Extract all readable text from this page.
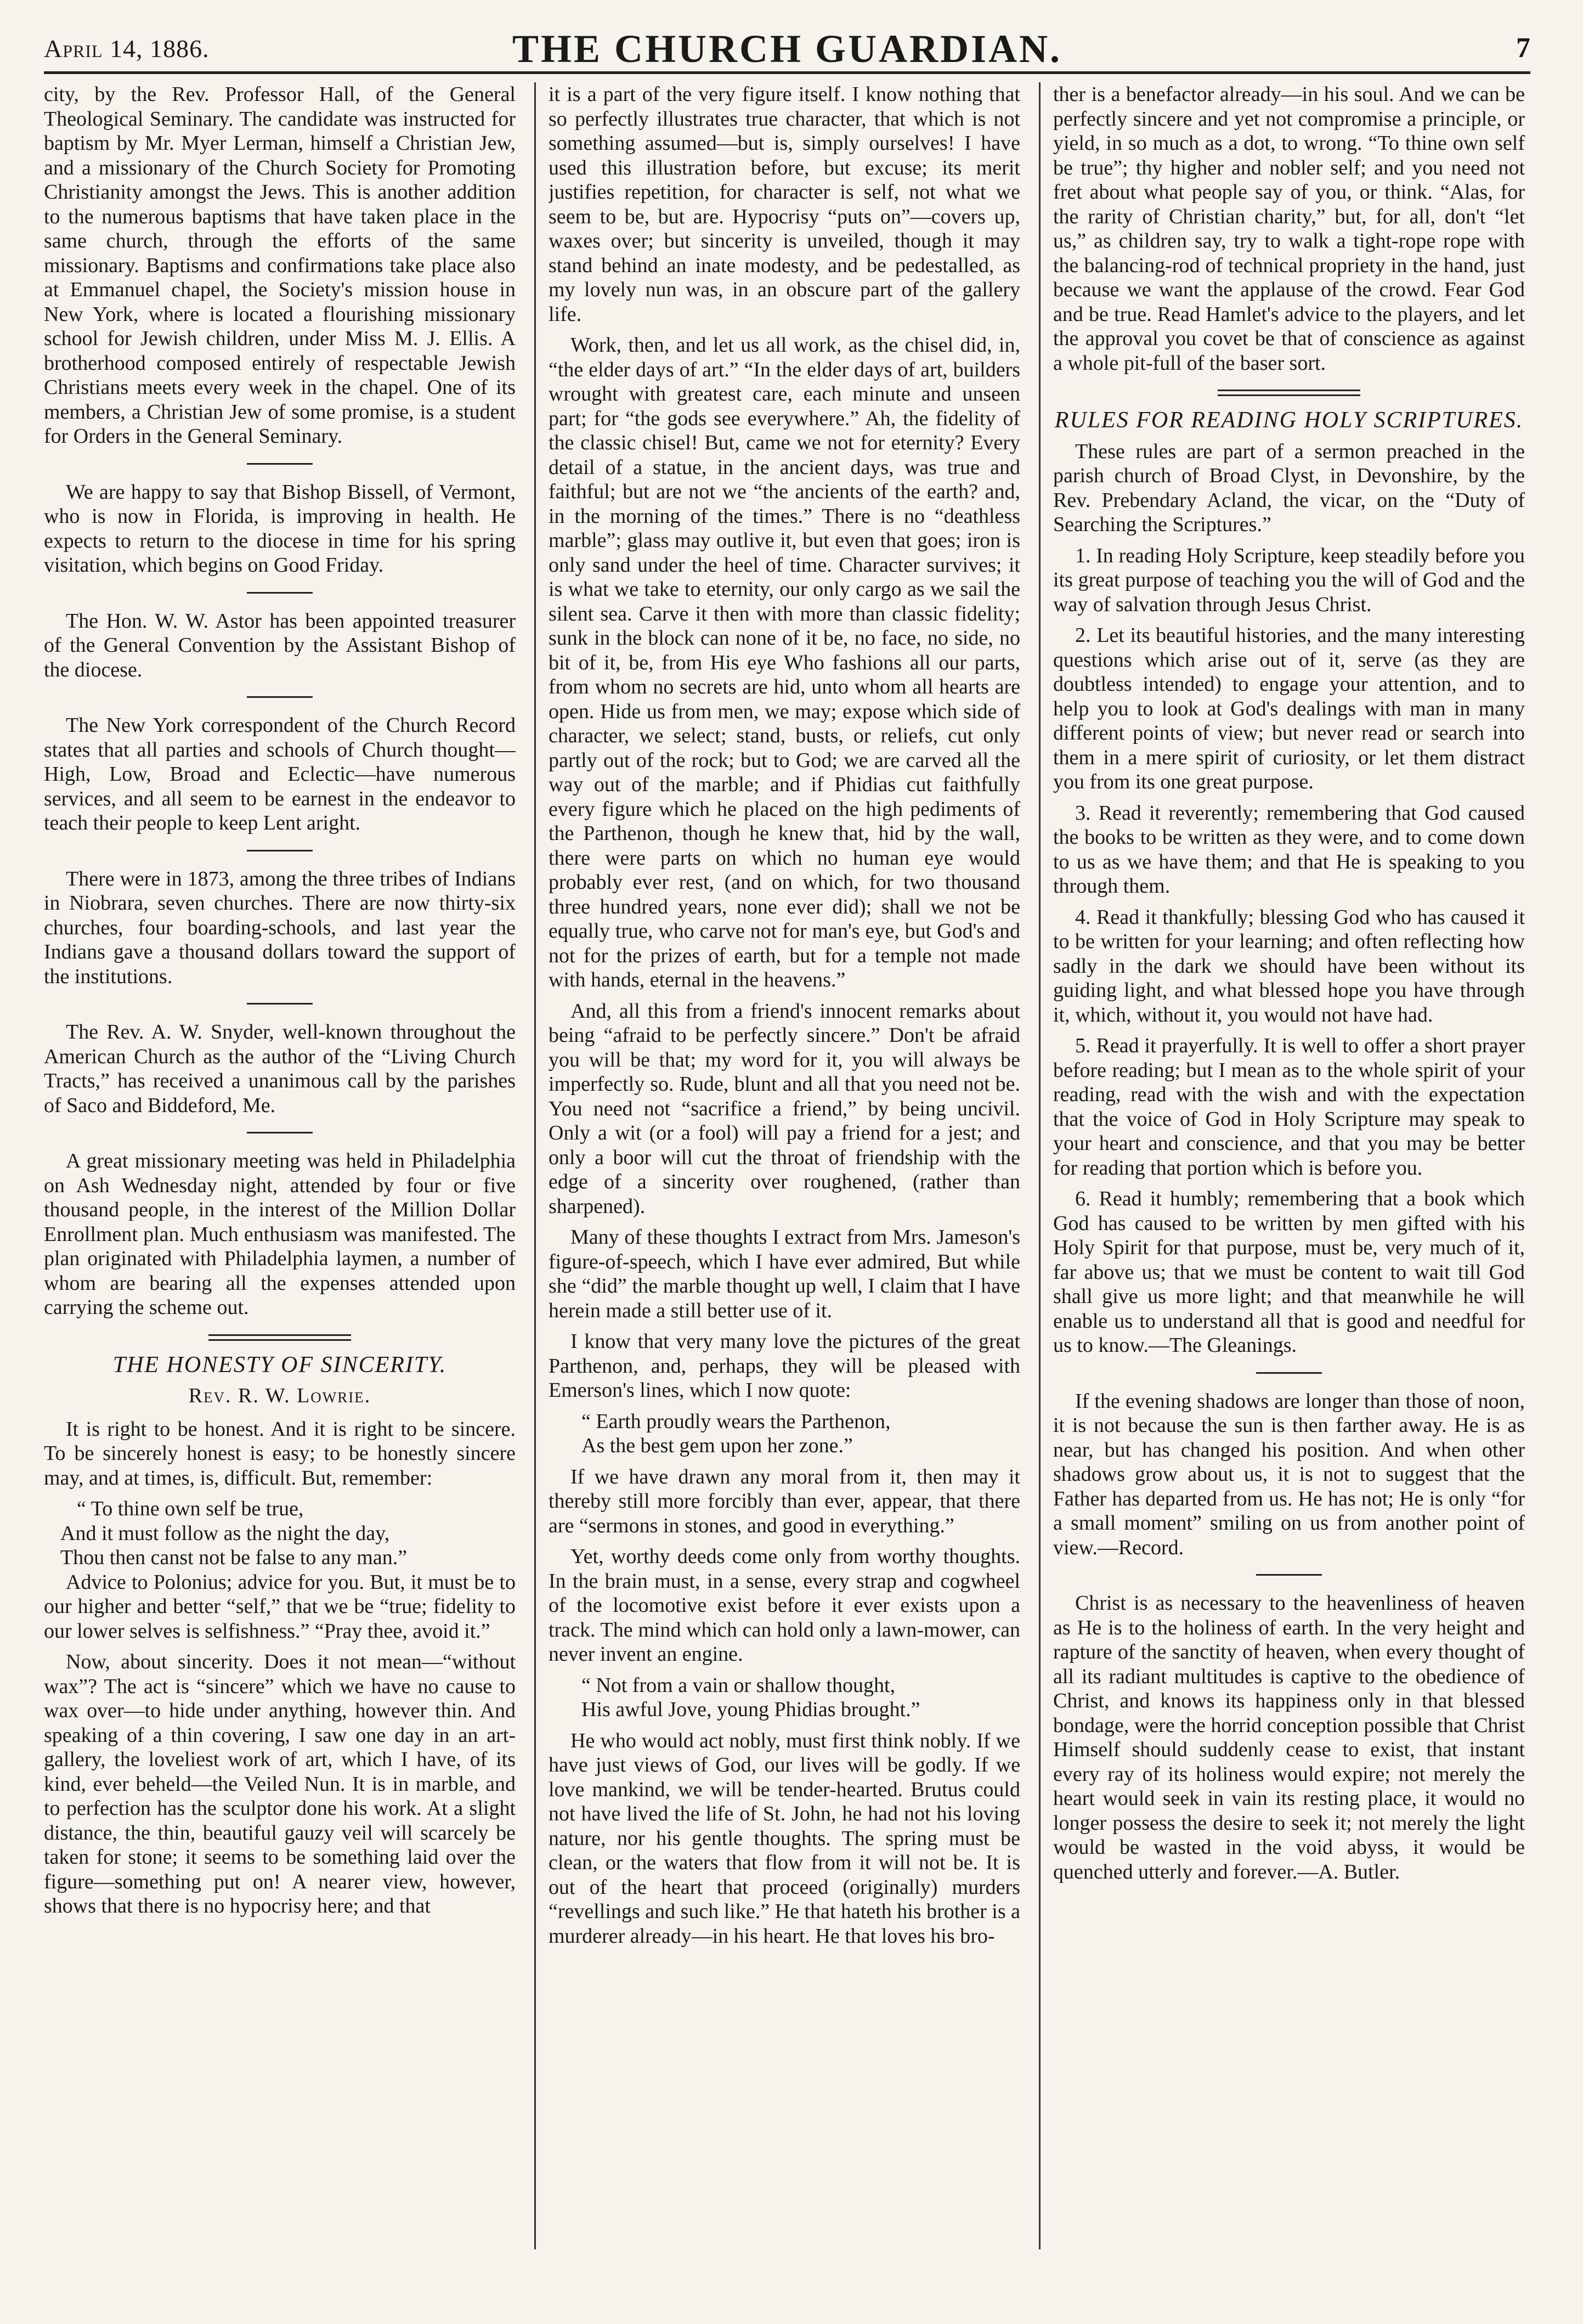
April 14, 1886.	THE CHURCH GUARDIAN.	7

city, by the Rev. Professor Hall, of the General Theological Seminary. The candidate was instructed for baptism by Mr. Myer Lerman, himself a Christian Jew, and a missionary of the Church Society for Promoting Christianity amongst the Jews. This is another addition to the numerous baptisms that have taken place in the same church, through the efforts of the same missionary. Baptisms and confirmations take place also at Emmanuel chapel, the Society's mission house in New York, where is located a flourishing missionary school for Jewish children, under Miss M. J. Ellis. A brotherhood composed entirely of respectable Jewish Christians meets every week in the chapel. One of its members, a Christian Jew of some promise, is a student for Orders in the General Seminary.

We are happy to say that Bishop Bissell, of Vermont, who is now in Florida, is improving in health. He expects to return to the diocese in time for his spring visitation, which begins on Good Friday.

The Hon. W. W. Astor has been appointed treasurer of the General Convention by the Assistant Bishop of the diocese.

The New York correspondent of the Church Record states that all parties and schools of Church thought—High, Low, Broad and Eclectic—have numerous services, and all seem to be earnest in the endeavor to teach their people to keep Lent aright.

There were in 1873, among the three tribes of Indians in Niobrara, seven churches. There are now thirty-six churches, four boarding-schools, and last year the Indians gave a thousand dollars toward the support of the institutions.

The Rev. A. W. Snyder, well-known throughout the American Church as the author of the “Living Church Tracts,” has received a unanimous call by the parishes of Saco and Biddeford, Me.

A great missionary meeting was held in Philadelphia on Ash Wednesday night, attended by four or five thousand people, in the interest of the Million Dollar Enrollment plan. Much enthusiasm was manifested. The plan originated with Philadelphia laymen, a number of whom are bearing all the expenses attended upon carrying the scheme out.

THE HONESTY OF SINCERITY.
Rev. R. W. Lowrie.

It is right to be honest. And it is right to be sincere. To be sincerely honest is easy; to be honestly sincere may, and at times, is, difficult. But, remember:

“ To thine own self be true,

And it must follow as the night the day,

Thou then canst not be false to any man.”

Advice to Polonius; advice for you. But, it must be to our higher and better “self,” that we be “true; fidelity to our lower selves is selfishness.” “Pray thee, avoid it.”

Now, about sincerity. Does it not mean—“without wax”? The act is “sincere” which we have no cause to wax over—to hide under anything, however thin. And speaking of a thin covering, I saw one day in an art-gallery, the loveliest work of art, which I have, of its kind, ever beheld—the Veiled Nun. It is in marble, and to perfection has the sculptor done his work. At a slight distance, the thin, beautiful gauzy veil will scarcely be taken for stone; it seems to be something laid over the figure—something put on! A nearer view, however, shows that there is no hypocrisy here; and that

it is a part of the very figure itself. I know nothing that so perfectly illustrates true character, that which is not something assumed—but is, simply ourselves! I have used this illustration before, but excuse; its merit justifies repetition, for character is self, not what we seem to be, but are. Hypocrisy “puts on”—covers up, waxes over; but sincerity is unveiled, though it may stand behind an inate modesty, and be pedestalled, as my lovely nun was, in an obscure part of the gallery life.

Work, then, and let us all work, as the chisel did, in, “the elder days of art.” “In the elder days of art, builders wrought with greatest care, each minute and unseen part; for “the gods see everywhere.” Ah, the fidelity of the classic chisel! But, came we not for eternity? Every detail of a statue, in the ancient days, was true and faithful; but are not we “the ancients of the earth? and, in the morning of the times.” There is no “deathless marble”; glass may outlive it, but even that goes; iron is only sand under the heel of time. Character survives; it is what we take to eternity, our only cargo as we sail the silent sea. Carve it then with more than classic fidelity; sunk in the block can none of it be, no face, no side, no bit of it, be, from His eye Who fashions all our parts, from whom no secrets are hid, unto whom all hearts are open. Hide us from men, we may; expose which side of character, we select; stand, busts, or reliefs, cut only partly out of the rock; but to God; we are carved all the way out of the marble; and if Phidias cut faithfully every figure which he placed on the high pediments of the Parthenon, though he knew that, hid by the wall, there were parts on which no human eye would probably ever rest, (and on which, for two thousand three hundred years, none ever did); shall we not be equally true, who carve not for man's eye, but God's and not for the prizes of earth, but for a temple not made with hands, eternal in the heavens.”

And, all this from a friend's innocent remarks about being “afraid to be perfectly sincere.” Don't be afraid you will be that; my word for it, you will always be imperfectly so. Rude, blunt and all that you need not be. You need not “sacrifice a friend,” by being uncivil. Only a wit (or a fool) will pay a friend for a jest; and only a boor will cut the throat of friendship with the edge of a sincerity over roughened, (rather than sharpened).

Many of these thoughts I extract from Mrs. Jameson's figure-of-speech, which I have ever admired, But while she “did” the marble thought up well, I claim that I have herein made a still better use of it.

I know that very many love the pictures of the great Parthenon, and, perhaps, they will be pleased with Emerson's lines, which I now quote:

“ Earth proudly wears the Parthenon,

As the best gem upon her zone.”

If we have drawn any moral from it, then may it thereby still more forcibly than ever, appear, that there are “sermons in stones, and good in everything.”

Yet, worthy deeds come only from worthy thoughts. In the brain must, in a sense, every strap and cogwheel of the locomotive exist before it ever exists upon a track. The mind which can hold only a lawn-mower, can never invent an engine.

“ Not from a vain or shallow thought,

His awful Jove, young Phidias brought.”

He who would act nobly, must first think nobly. If we have just views of God, our lives will be godly. If we love mankind, we will be tender-hearted. Brutus could not have lived the life of St. John, he had not his loving nature, nor his gentle thoughts. The spring must be clean, or the waters that flow from it will not be. It is out of the heart that proceed (originally) murders “revellings and such like.” He that hateth his brother is a murderer already—in his heart. He that loves his bro-

ther is a benefactor already—in his soul. And we can be perfectly sincere and yet not compromise a principle, or yield, in so much as a dot, to wrong. “To thine own self be true”; thy higher and nobler self; and you need not fret about what people say of you, or think. “Alas, for the rarity of Christian charity,” but, for all, don't “let us,” as children say, try to walk a tight-rope rope with the balancing-rod of technical propriety in the hand, just because we want the applause of the crowd. Fear God and be true. Read Hamlet's advice to the players, and let the approval you covet be that of conscience as against a whole pit-full of the baser sort.

RULES FOR READING HOLY SCRIPTURES.

These rules are part of a sermon preached in the parish church of Broad Clyst, in Devonshire, by the Rev. Prebendary Acland, the vicar, on the “Duty of Searching the Scriptures.”

1. In reading Holy Scripture, keep steadily before you its great purpose of teaching you the will of God and the way of salvation through Jesus Christ.

2. Let its beautiful histories, and the many interesting questions which arise out of it, serve (as they are doubtless intended) to engage your attention, and to help you to look at God's dealings with man in many different points of view; but never read or search into them in a mere spirit of curiosity, or let them distract you from its one great purpose.

3. Read it reverently; remembering that God caused the books to be written as they were, and to come down to us as we have them; and that He is speaking to you through them.

4. Read it thankfully; blessing God who has caused it to be written for your learning; and often reflecting how sadly in the dark we should have been without its guiding light, and what blessed hope you have through it, which, without it, you would not have had.

5. Read it prayerfully. It is well to offer a short prayer before reading; but I mean as to the whole spirit of your reading, read with the wish and with the expectation that the voice of God in Holy Scripture may speak to your heart and conscience, and that you may be better for reading that portion which is before you.

6. Read it humbly; remembering that a book which God has caused to be written by men gifted with his Holy Spirit for that purpose, must be, very much of it, far above us; that we must be content to wait till God shall give us more light; and that meanwhile he will enable us to understand all that is good and needful for us to know.—The Gleanings.

If the evening shadows are longer than those of noon, it is not because the sun is then farther away. He is as near, but has changed his position. And when other shadows grow about us, it is not to suggest that the Father has departed from us. He has not; He is only “for a small moment” smiling on us from another point of view.—Record.

Christ is as necessary to the heavenliness of heaven as He is to the holiness of earth. In the very height and rapture of the sanctity of heaven, when every thought of all its radiant multitudes is captive to the obedience of Christ, and knows its happiness only in that blessed bondage, were the horrid conception possible that Christ Himself should suddenly cease to exist, that instant every ray of its holiness would expire; not merely the heart would seek in vain its resting place, it would no longer possess the desire to seek it; not merely the light would be wasted in the void abyss, it would be quenched utterly and forever.—A. Butler.
